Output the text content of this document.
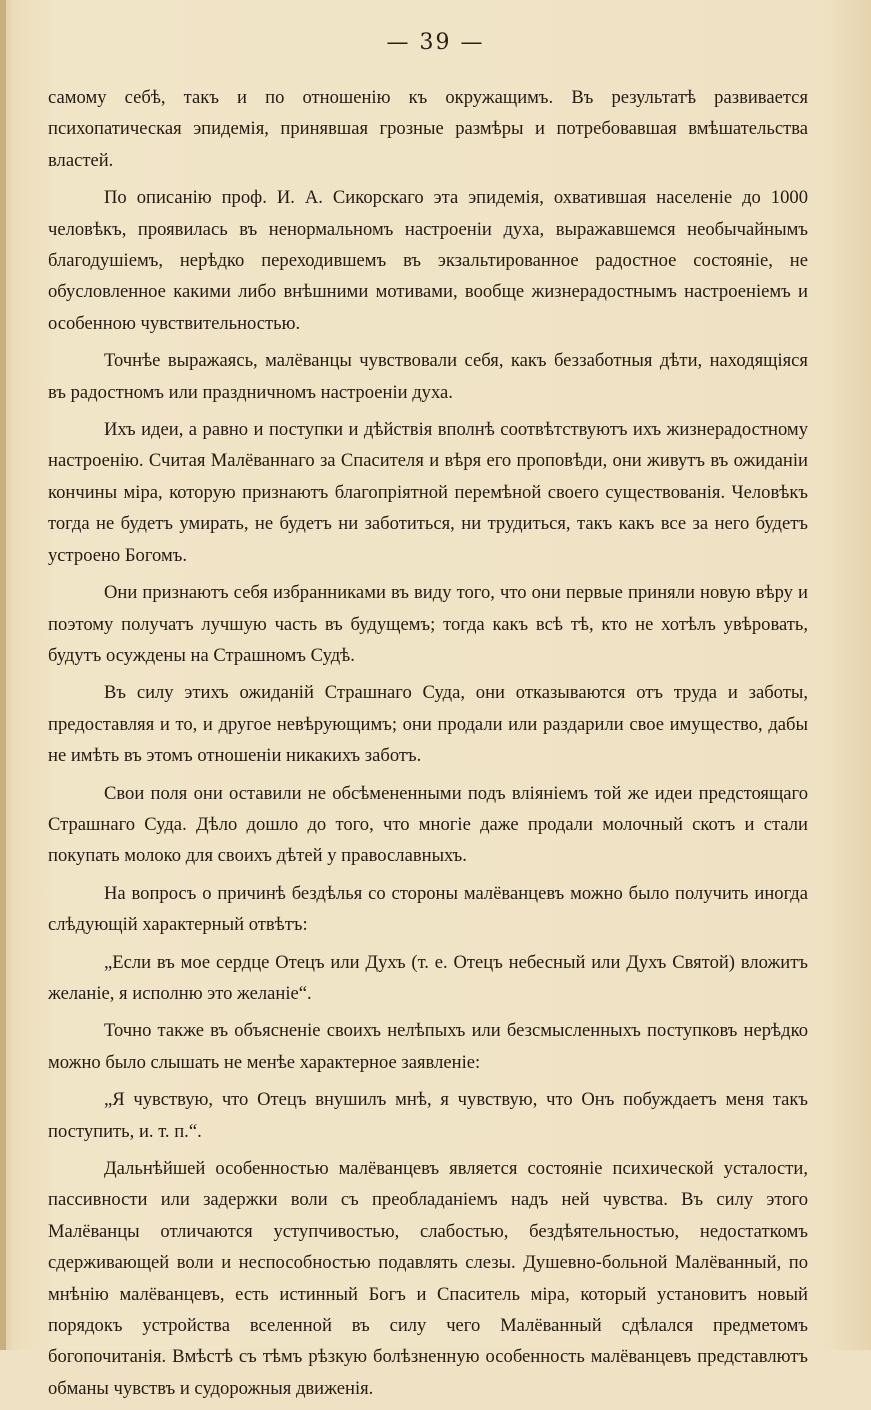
— 39 —

самому себѣ, такъ и по отношенію къ окружащимъ. Въ результатѣ развивается психопатическая эпидемія, принявшая грозные размѣры и потребовавшая вмѣшательства властей.

По описанію проф. И. А. Сикорскаго эта эпидемія, охватившая населеніе до 1000 человѣкъ, проявилась въ ненормальномъ настроеніи духа, выражавшемся необычайнымъ благодушіемъ, нерѣдко переходившемъ въ экзальтированное радостное состояніе, не обусловленное какими либо внѣшними мотивами, вообще жизнерадостнымъ настроеніемъ и особенною чувствительностью.

Точнѣе выражаясь, малёванцы чувствовали себя, какъ беззаботныя дѣти, находящіяся въ радостномъ или праздничномъ настроеніи духа.

Ихъ идеи, а равно и поступки и дѣйствія вполнѣ соотвѣтствуютъ ихъ жизнерадостному настроенію. Считая Малёваннаго за Спасителя и вѣря его проповѣди, они живутъ въ ожиданіи кончины міра, которую признаютъ благопріятной перемѣной своего существованія. Человѣкъ тогда не будетъ умирать, не будетъ ни заботиться, ни трудиться, такъ какъ все за него будетъ устроено Богомъ.

Они признаютъ себя избранниками въ виду того, что они первые приняли новую вѣру и поэтому получатъ лучшую часть въ будущемъ; тогда какъ всѣ тѣ, кто не хотѣлъ увѣровать, будутъ осуждены на Страшномъ Судѣ.

Въ силу этихъ ожиданій Страшнаго Суда, они отказываются отъ труда и заботы, предоставляя и то, и другое невѣрующимъ; они продали или раздарили свое имущество, дабы не имѣть въ этомъ отношеніи никакихъ заботъ.

Свои поля они оставили не обсѣмененными подъ вліяніемъ той же идеи предстоящаго Страшнаго Суда. Дѣло дошло до того, что многіе даже продали молочный скотъ и стали покупать молоко для своихъ дѣтей у православныхъ.

На вопросъ о причинѣ бездѣлья со стороны малёванцевъ можно было получить иногда слѣдующій характерный отвѣтъ:

„Если въ мое сердце Отецъ или Духъ (т. е. Отецъ небесный или Духъ Святой) вложитъ желаніе, я исполню это желаніе“.

Точно также въ объясненіе своихъ нелѣпыхъ или безсмысленныхъ поступковъ нерѣдко можно было слышать не менѣе характерное заявленіе:

„Я чувствую, что Отецъ внушилъ мнѣ, я чувствую, что Онъ побуждаетъ меня такъ поступить, и. т. п.“.

Дальнѣйшей особенностью малёванцевъ является состояніе психической усталости, пассивности или задержки воли съ преобладаніемъ надъ ней чувства. Въ силу этого Малёванцы отличаются уступчивостью, слабостью, бездѣятельностью, недостаткомъ сдерживающей воли и неспособностью подавлять слезы. Душевно-больной Малёванный, по мнѣнію малёванцевъ, есть истинный Богъ и Спаситель міра, который установитъ новый порядокъ устройства вселенной въ силу чего Малёванный сдѣлался предметомъ богопочитанія. Вмѣстѣ съ тѣмъ рѣзкую болѣзненную особенность малёванцевъ представлютъ обманы чувствъ и судорожныя движенія.
